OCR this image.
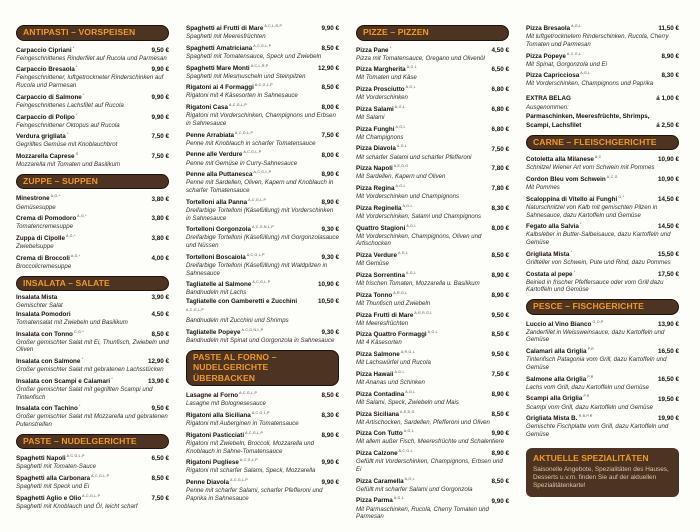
ANTIPASTI – VORSPEISEN
Carpaccio Cipriani *	9,50 €
Feingeschnittenes Rinderfilet auf Rucola und Parmesan
Carpaccio Bresaola *	9,90 €
Feingeschnittener, luftgetrockneter Rinderschinken auf Rucola und Parmesan
Carpaccio di Salmone *	9,90 €
Feingeschnittenes Lachsfilet auf Rucola
Carpaccio di Polipo *	9,90 €
Feingeschnittener Oktopus auf Rucola
Verdura grigliata *	7,50 €
Gegrilltes Gemüse mit Knoblauchbrot
Mozzarella Caprese $^G$	7,50 €
Mozzarella mit Tomaten und Basilikum
ZUPPE – SUPPEN
Minestrone $^{A,G,*}$	3,80 €
Gemüsesuppe
Crema di Pomodoro $^{A,G,*}$	3,80 €
Tomatencremesuppe
Zuppa di Cipolle $^{A,G,*}$	3,80 €
Zwiebelsuppe
Crema di Broccoli $^{A,G,*}$	4,00 €
Broccolicremesuppe
INSALATA – SALATE
Insalata Mista	3,90 €
Gemischter Salat
Insalata Pomodori	4,50 €
Tomatensalat mit Zwiebeln und Basilikum
Insalata con Tonno $^{C,G,*}$	8,50 €
Großer gemischter Salat mit Ei, Thunfisch, Zwiebeln und Oliven
Insalata con Salmone *	12,90 €
Großer gemischter Salat mit gebratenen Lachsstücken
Insalata con Scampi e Calamari *	13,90 €
Großer gemischter Salat mit gegrillten Scampi und Tintenfisch
Insalata con Tachino *	9,50 €
Großer gemischter Salat mit Mozzarella und gebratenen Putenstreifen
PASTE – NUDELGERICHTE
Spaghetti Napoli $^{A,C,G,L,P}$	6,50 €
Spaghetti mit Tomaten-Sauce
Spaghetti alla Carbonara $^{A,C,G,L,P}$	8,50 €
Spaghetti mit Speck und Ei
Spaghetti Aglio e Olio $^{A,C,G,L,P}$	7,50 €
Spaghetti mit Knoblauch und Öl, leicht scharf
Spaghetti ai Frutti di Mare $^{A,C,L,R,P}$	9,90 €
Spaghetti mit Meeresfrüchten
Spaghetti Amatriciana $^{A,C,G,L,P}$	8,50 €
Spaghetti mit Tomatensauce, Speck und Zwiebeln
Spaghetti Mare Monti $^{A,C,L,R,P}$	12,90 €
Spaghetti mit Miesmuscheln und Steinpilzen
Rigatoni ai 4 Formaggi $^{A,C,G,L,P}$	8,50 €
Rigatoni mit 4 Käsesorten in Sahnesauce
Rigatoni Casa $^{A,C,G,L,P}$	8,00 €
Rigatoni mit Vorderschinken, Champignons und Erbsen in Sahnesauce
Penne Arrabiata $^{A,C,G,L,P}$	7,50 €
Penne mit Knoblauch in scharfer Tomatensauce
Penne alle Verdure $^{A,C,G,L,P}$	8,00 €
Penne mit Gemüse in Curry-Sahnesauce
Penne alla Puttanesca $^{A,C,G,L,P}$	8,90 €
Penne mit Sardellen, Oliven, Kapern und Knoblauch in scharfer Tomatensauce
Tortelloni alla Panna $^{A,C,G,L,P}$	8,90 €
Dreifarbige Tortelloni (Käsefüllung) mit Vorderschinken in Sahnesauce
Tortelloni Gorgonzola $^{A,C,G,N,L,P}$	9,30 €
Dreifarbige Tortelloni (Käsefüllung) mit Gorgonzolasauce und Nüssen
Tortelloni Boscaiola $^{A,C,G,L,P}$	9,30 €
Dreifarbige Tortelloni (Käsefüllung) mit Waldpilzen in Sahnesauce
Tagliatelle al Salmone $^{A,C,G,L,P}$	10,90 €
Bandnudeln mit Lachs
Tagliatelle con Gamberetti e Zucchini $^{A,C,G,L,P}$
10,50 €
Bandnudeln mit Zucchini und Shrimps
Tagliatelle Popeye $^{A,C,G,N,L,P}$	9,30 €
Bandnudeln mit Spinat und Gorgonzola in Sahnesauce
PASTE AL FORNO – NUDELGERICHTE ÜBERBACKEN
Lasagne al Forno $^{A,C,G,L,P}$	8,50 €
Lasagne mit Bolognesesauce
Rigatoni alla Siciliana $^{A,C,G,L,P}$	8,30 €
Rigatoni mit Auberginen in Tomatensauce
Rigatoni Pasticciati $^{A,C,G,L,P}$	8,90 €
Rigatoni mit Zwiebeln, Broccoli, Mozzarella und Knoblauch in Sahne-Tomatensauce
Rigatoni Pugliese $^{A,C,G,L,P}$	9,90 €
Rigatoni mit scharfer Salami, Speck, Mozzarella
Penne Diavola $^{A,C,G,L,P}$	9,90 €
Penne mit scharfer Salami, scharfer Pfefferoni und Paprika in Sahnesauce
PIZZE – PIZZEN
Pizza Pane *	4,50 €
Pizza mit Tomatensauce, Oregano und Olivenöl
Pizza Margherita $^{A,G,L}$	6,50 €
Mit Tomaten und Käse
Pizza Prosciutto $^{A,G,L}$	6,80 €
Mit Vorderschinken
Pizza Salami $^{A,G,L}$	6,80 €
Mit Salami
Pizza Funghi $^{A,G,L}$	6,80 €
Mit Champignons
Pizza Diavola $^{A,G,L}$	7,50 €
Mit scharfer Salami und scharfer Pfefferoni
Pizza Napoli $^{A,E,D,G}$	7,80 €
Mit Sardellen, Kapern und Oliven
Pizza Regina $^{A,G,L}$	7,80 €
Mit Vorderschinken und Champignons
Pizza Reginella $^{A,G,L}$	8,30 €
Mit Vorderschinken, Salami und Champignons
Quattro Stagioni $^{A,G,L}$	8,00 €
Mit Vorderschinken, Champignons, Oliven und Artischocken
Pizza Verdure $^{A,G,L}$	8,50 €
Mit Gemüse
Pizza Sorrentina $^{A,G,L}$	8,90 €
Mit frischen Tomaten, Mozzarella u. Basilikum
Pizza Tonno $^{A,R,G,L}$	8,90 €
Mit Thunfisch und Zwiebeln
Pizza Frutti di Mare $^{A,R,R,G,L}$	9,50 €
Mit Meeresfrüchten
Pizza Quattro Formaggi $^{A,G,L}$	8,50 €
Mit 4 Käsesorten
Pizza Salmone $^{A,R,G,L}$	9,50 €
Mit Lachswürfel und Rucola
Pizza Hawaii $^{A,G,L}$	7,50 €
Mit Ananas und Schinken
Pizza Contadina $^{A,G,L}$	8,90 €
Mit Salami, Speck, Zwiebeln und Mais
Pizza Siciliana $^{A,E,D,G}$	8,50 €
Mit Artischocken, Sardellen, Pfefferoni und Oliven
Pizza Con Tutto $^{A,G,L}$	9,90 €
Mit allem außer Fisch, Meeresfrüchte und Schalentiere
Pizza Calzone $^{A,C,G,L}$	8,90 €
Gefüllt mit Vorderschinken, Champignons, Erbsen und Ei
Pizza Caramella $^{A,G,L}$	8,50 €
Gefüllt mit scharfer Salami und Gorgonzola
Pizza Parma $^{A,G,L}$	9,90 €
Mit Parmaschinken, Rucola, Cherry Tomaten und Parmesan
Pizza Bresaola $^{A,G,L}$	11,50 €
Mit luftgetrocknetem Rinderschinken, Rucola, Cherry Tomaten und Parmesan
Pizza Popeye $^{A,C,G,L}$	8,90 €
Mit Spinat, Gorgonzola und Ei
Pizza Capricciosa $^{A,G,L}$	8,30 €
Mit Vorderschinken, Champignons und Paprika
EXTRA BELAG	á 1,00 €
Ausgenommen:
Parmaschinken, Meeresfrüchte, Shrimps,
Scampi, Lachsfilet	á 2,50 €
CARNE – FLEISCHGERICHTE
Cotoletta alla Milanese $^{A,C}$	10,90 €
Schnitzel Wiener Art vom Schwein mit Pommes
Cordon Bleu vom Schwein $^{A,C,G}$	10,90 €
Mit Pommes
Scaloppina di Vitello ai Funghi $^{G,*}$	14,50 €
Naturschnitzel von Kalb mit gemischten Pilzen in Sahnesauce, dazu Kartoffeln und Gemüse
Fegato alla Salvia *	14,50 €
Kalbsleber in Butter-Salbeisauce, dazu Kartoffeln und Gemüse
Grigliata Mista *	15,50 €
Grillteller von Schwein, Pute und Rind, dazu Pommes
Costata al pepe *	17,50 €
Beiried in frischer Pfeffersauce oder vom Grill dazu Kartoffeln und Gemüse
PESCE – FISCHGERICHTE
Luccio al Vino Bianco $^{G,O,P}$	13,90 €
Zanderfilet in Weissweinsauce, dazu Kartoffeln und Gemüse
Calamari alla Griglia $^{P,R}$	16,50 €
Tintenfisch Patagonia vom Grill, dazu Kartoffeln und Gemüse
Salmone alla Griglia $^{P,R}$	16,50 €
Lachs vom Grill, dazu Kartoffeln und Gemüse
Scampi alla Griglia $^{P,R}$	19,50 €
Scampi vom Grill, dazu Kartoffeln und Gemüse
Grigliata Mista B. $^{R,B,P,R}$	19,90 €
Gemischte Fischplatte vom Grill, dazu Kartoffeln und Gemüse
AKTUELLE SPEZIALITÄTEN
Saisonelle Angebote, Spezialitäten des Hauses, Desserts u.v.m. finden Sie auf der aktuellen Spezialitätenkarte!
